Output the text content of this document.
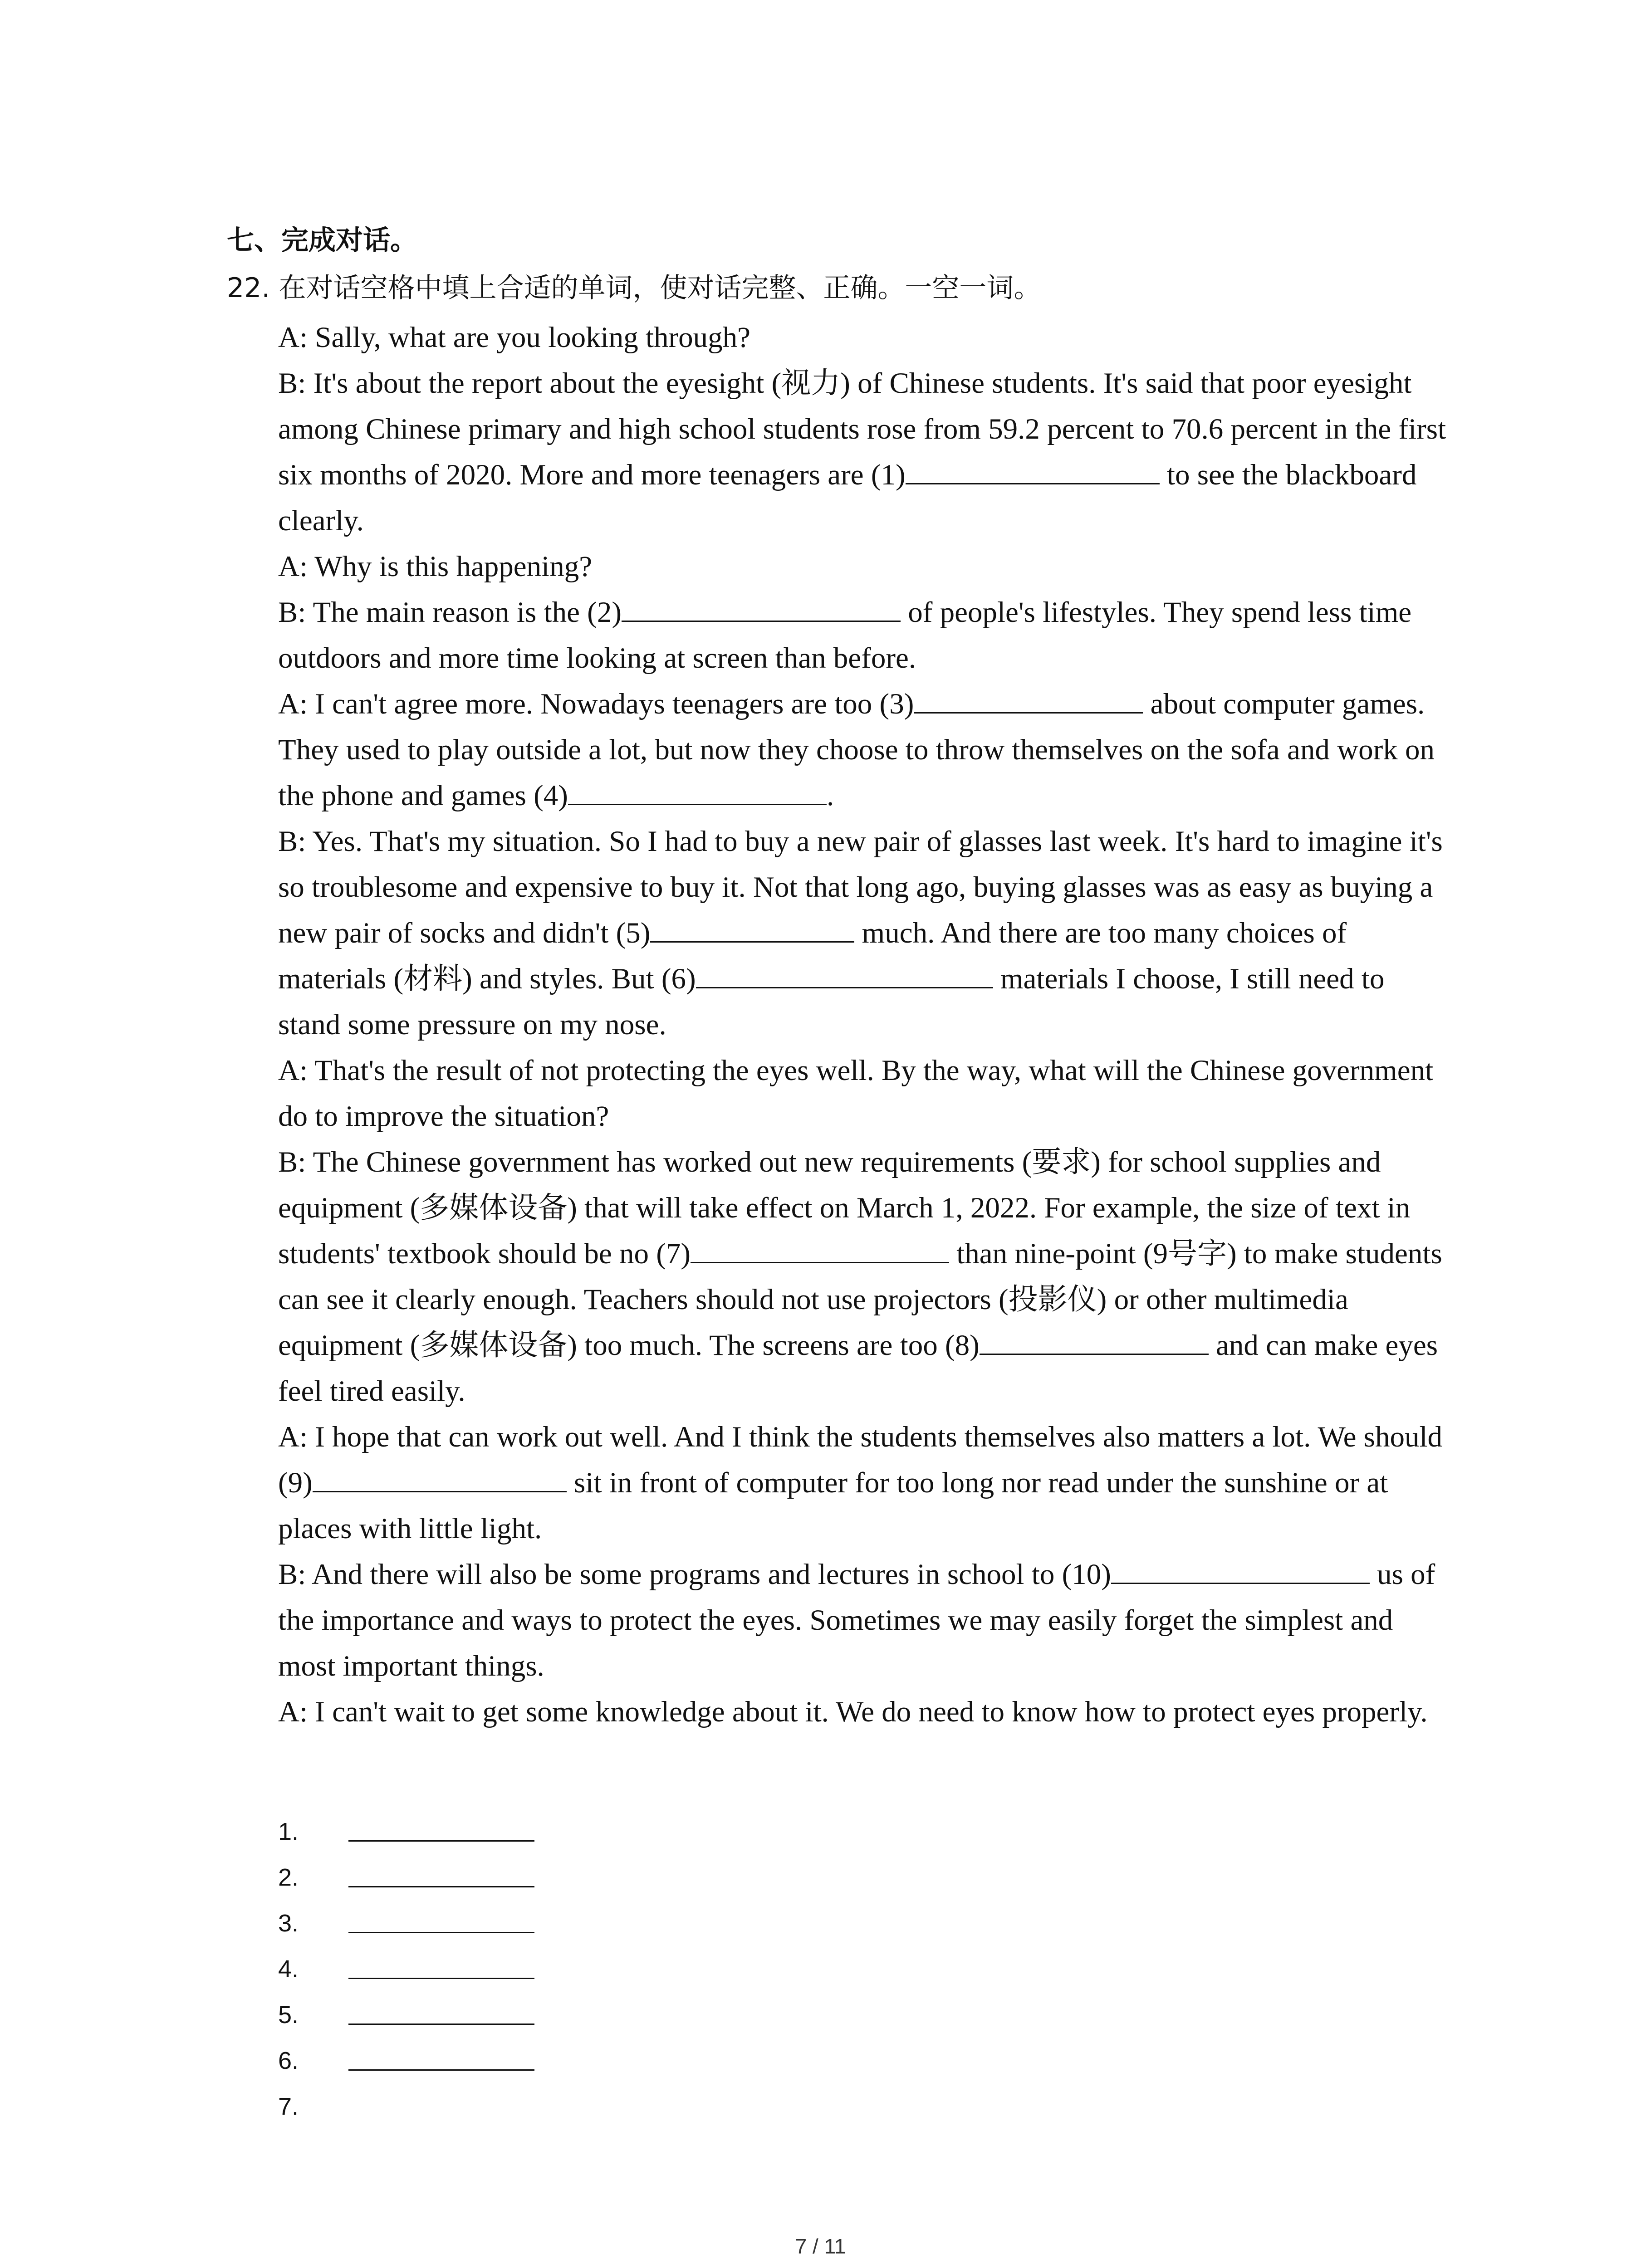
七、完成对话。
22. 在对话空格中填上合适的单词，使对话完整、正确。一空一词。

A: Sally, what are you looking through?

B: It's about the report about the eyesight (视力) of Chinese students. It's said that poor eyesight among Chinese primary and high school students rose from 59.2 percent to 70.6 percent in the first six months of 2020. More and more teenagers are (1)	to see the blackboard clearly.

A: Why is this happening?

B: The main reason is the (2)	of people's lifestyles. They spend less time outdoors and more time looking at screen than before.

A: I can't agree more. Nowadays teenagers are too (3)	about computer games. They used to play outside a lot, but now they choose to throw themselves on the sofa and work on the phone and games (4)	.

B: Yes. That's my situation. So I had to buy a new pair of glasses last week. It's hard to imagine it's so troublesome and expensive to buy it. Not that long ago, buying glasses was as easy as buying a new pair of socks and didn't (5)	much. And there are too many choices of materials (材料) and styles. But (6)	materials I choose, I still need to stand some pressure on my nose.

A: That's the result of not protecting the eyes well. By the way, what will the Chinese government do to improve the situation?

B: The Chinese government has worked out new requirements (要求) for school supplies and equipment (多媒体设备) that will take effect on March 1, 2022. For example, the size of text in students' textbook should be no (7)	than nine-point (9号字) to make students can see it clearly enough. Teachers should not use projectors (投影仪) or other multimedia equipment (多媒体设备) too much. The screens are too (8)	and can make eyes feel tired easily.

A: I hope that can work out well. And I think the students themselves also matters a lot. We should (9)	sit in front of computer for too long nor read under the sunshine or at places with little light.

B: And there will also be some programs and lectures in school to (10)	us of the importance and ways to protect the eyes. Sometimes we may easily forget the simplest and most important things.

A: I can't wait to get some knowledge about it. We do need to know how to protect eyes properly.

1.
2.
3.
4.
5.
6.
7.
7 / 11
